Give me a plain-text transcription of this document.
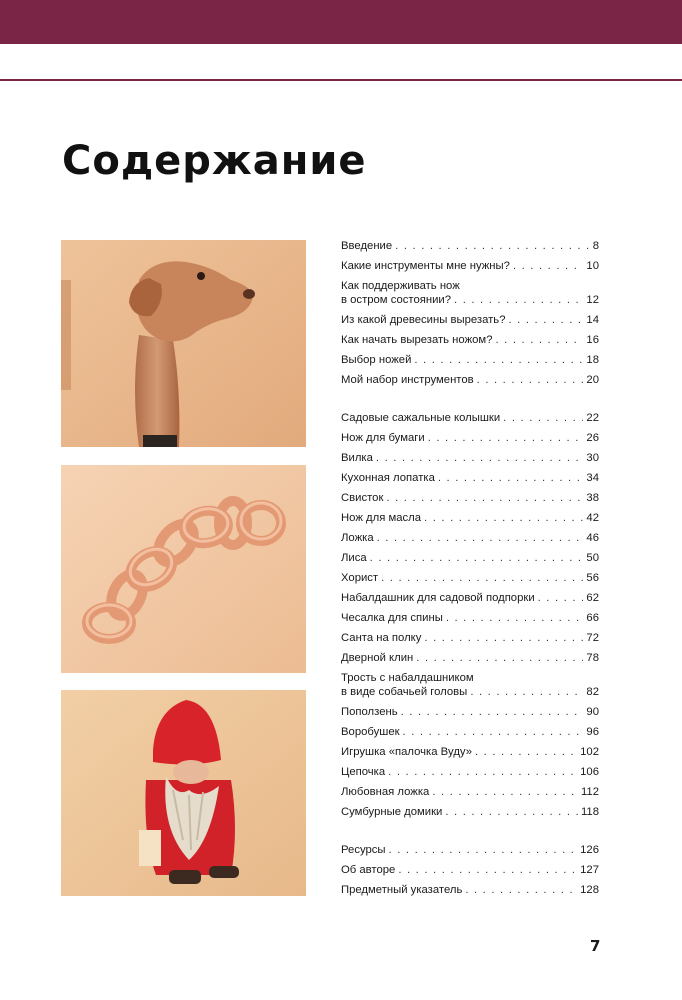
Содержание
Введение . . .	8
Какие инструменты мне нужны? . . .	10
Как поддерживать нож
в остром состоянии? . . .	12
Из какой древесины вырезать? . . .	14
Как начать вырезать ножом? . . .	16
Выбор ножей . . .	18
Мой набор инструментов . . .	20
Садовые сажальные колышки . . .	22
Нож для бумаги . . .	26
Вилка . . .	30
Кухонная лопатка . . .	34
Свисток . . .	38
Нож для масла . . .	42
Ложка . . .	46
Лиса . . .	50
Хорист . . .	56
Набалдашник для садовой подпорки . . .	62
Чесалка для спины . . .	66
Санта на полку . . .	72
Дверной клин . . .	78
Трость с набалдашником
в виде собачьей головы . . .	82
Поползень . . .	90
Воробушек . . .	96
Игрушка «палочка Вуду» . . .	102
Цепочка . . .	106
Любовная ложка . . .	112
Сумбурные домики . . .	118
Ресурсы . . .	126
Об авторе . . .	127
Предметный указатель . . .	128
7
